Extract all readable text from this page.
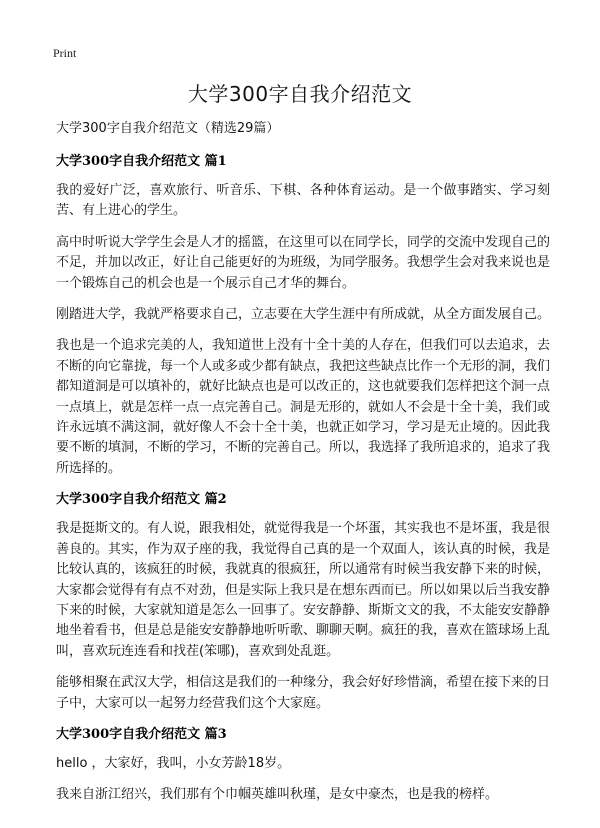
Print
大学300字自我介绍范文
大学300字自我介绍范文（精选29篇）
大学300字自我介绍范文 篇1

我的爱好广泛，喜欢旅行、听音乐、下棋、各种体育运动。是一个做事踏实、学习刻苦、有上进心的学生。

高中时听说大学学生会是人才的摇篮，在这里可以在同学长，同学的交流中发现自己的不足，并加以改正，好让自己能更好的为班级，为同学服务。我想学生会对我来说也是一个锻炼自己的机会也是一个展示自己才华的舞台。

刚踏进大学，我就严格要求自己，立志要在大学生涯中有所成就，从全方面发展自己。

我也是一个追求完美的人，我知道世上没有十全十美的人存在，但我们可以去追求，去不断的向它靠拢，每一个人或多或少都有缺点，我把这些缺点比作一个无形的洞，我们都知道洞是可以填补的，就好比缺点也是可以改正的，这也就要我们怎样把这个洞一点一点填上，就是怎样一点一点完善自己。洞是无形的，就如人不会是十全十美，我们或许永远填不满这洞，就好像人不会十全十美，也就正如学习，学习是无止境的。因此我要不断的填洞，不断的学习，不断的完善自己。所以，我选择了我所追求的，追求了我所选择的。

大学300字自我介绍范文 篇2

我是挺斯文的。有人说，跟我相处，就觉得我是一个坏蛋，其实我也不是坏蛋，我是很善良的。其实，作为双子座的我，我觉得自己真的是一个双面人，该认真的时候，我是比较认真的，该疯狂的时候，我就真的很疯狂，所以通常有时候当我安静下来的时候，大家都会觉得有有点不对劲，但是实际上我只是在想东西而已。所以如果以后当我安静下来的时候，大家就知道是怎么一回事了。安安静静、斯斯文文的我，不太能安安静静地坐着看书，但是总是能安安静静地听听歌、聊聊天啊。疯狂的我，喜欢在篮球场上乱叫，喜欢玩连连看和找茬(笨哪)，喜欢到处乱逛。

能够相聚在武汉大学，相信这是我们的一种缘分，我会好好珍惜滴，希望在接下来的日子中，大家可以一起努力经营我们这个大家庭。

大学300字自我介绍范文 篇3

hello ，大家好，我叫，小女芳龄18岁。

我来自浙江绍兴，我们那有个巾帼英雄叫秋瑾，是女中豪杰，也是我的榜样。
